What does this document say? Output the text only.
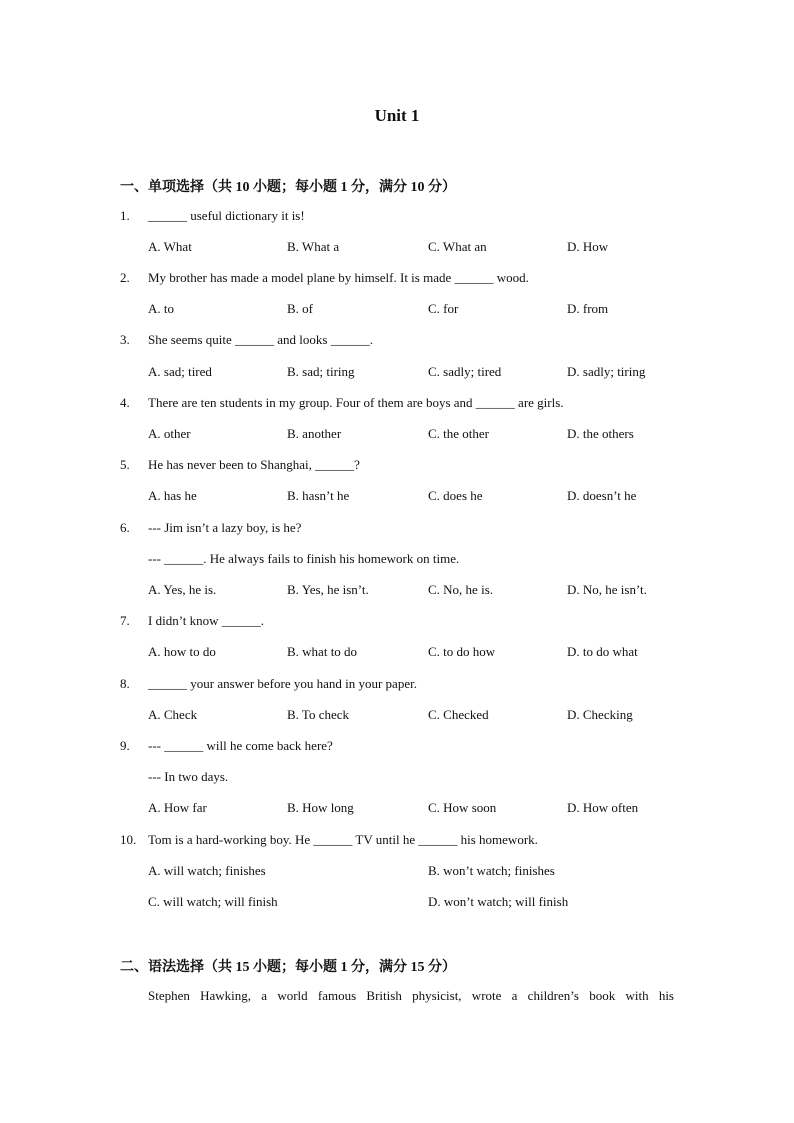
Unit 1
一、单项选择（共 10 小题；每小题 1 分，满分 10 分）
1. ______ useful dictionary it is!
A. What	B. What a	C. What an	D. How
2. My brother has made a model plane by himself. It is made ______ wood.
A. to	B. of	C. for	D. from
3. She seems quite ______ and looks ______.
A. sad; tired	B. sad; tiring	C. sadly; tired	D. sadly; tiring
4. There are ten students in my group. Four of them are boys and ______ are girls.
A. other	B. another	C. the other	D. the others
5. He has never been to Shanghai, ______?
A. has he	B. hasn’t he	C. does he	D. doesn’t he
6. --- Jim isn’t a lazy boy, is he?
--- ______. He always fails to finish his homework on time.
A. Yes, he is.	B. Yes, he isn’t.	C. No, he is.	D. No, he isn’t.
7. I didn’t know ______.
A. how to do	B. what to do	C. to do how	D. to do what
8. ______ your answer before you hand in your paper.
A. Check	B. To check	C. Checked	D. Checking
9. --- ______ will he come back here?
--- In two days.
A. How far	B. How long	C. How soon	D. How often
10. Tom is a hard-working boy. He ______ TV until he ______ his homework.
A. will watch; finishes	B. won’t watch; finishes
C. will watch; will finish	D. won’t watch; will finish
二、语法选择（共 15 小题；每小题 1 分，满分 15 分）
Stephen Hawking, a world famous British physicist, wrote a children’s book with his
